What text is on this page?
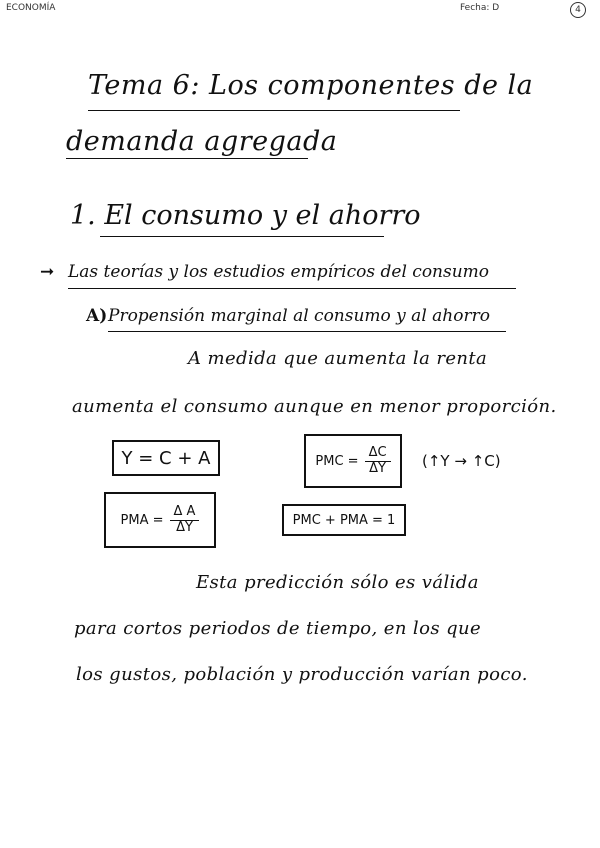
ECONOMÍA	Fecha: D	4
Tema 6: Los componentes de la
demanda agregada
1. El consumo y el ahorro
➞ Las teorías y los estudios empíricos del consumo
A) Propensión marginal al consumo y al ahorro
A medida que aumenta la renta
aumenta el consumo aunque en menor proporción.
Y = C + A	PMC = $\frac{\Delta C}{\Delta Y}$ (↑Y → ↑C)
PMA = $\frac{\text{Δ A}}{\Delta Y}$	PMC + PMA = 1
Esta predicción sólo es válida
para cortos periodos de tiempo, en los que
los gustos, población y producción varían poco.
